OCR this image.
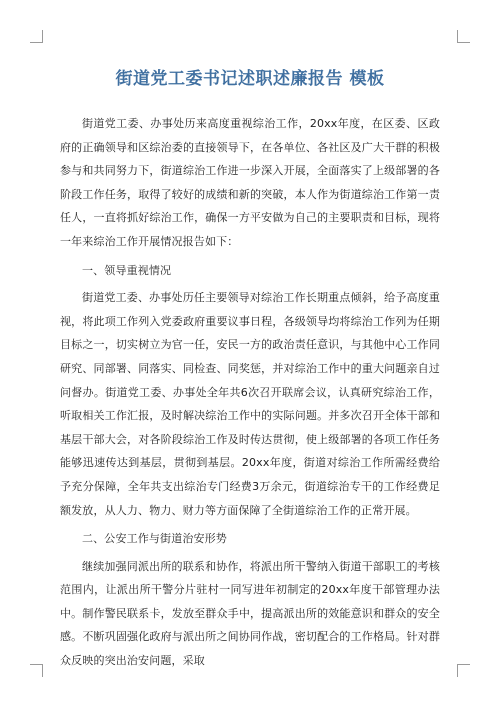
街道党工委书记述职述廉报告 模板

街道党工委、办事处历来高度重视综治工作，20xx年度，在区委、区政府的正确领导和区综治委的直接领导下，在各单位、各社区及广大干群的积极参与和共同努力下，街道综治工作进一步深入开展，全面落实了上级部署的各阶段工作任务，取得了较好的成绩和新的突破，本人作为街道综治工作第一责任人，一直将抓好综治工作，确保一方平安做为自己的主要职责和目标，现将一年来综治工作开展情况报告如下：

一、领导重视情况

街道党工委、办事处历任主要领导对综治工作长期重点倾斜，给予高度重视，将此项工作列入党委政府重要议事日程，各级领导均将综治工作列为任期目标之一，切实树立为官一任，安民一方的政治责任意识，与其他中心工作同研究、同部署、同落实、同检查、同奖惩，并对综治工作中的重大问题亲自过问督办。街道党工委、办事处全年共6次召开联席会议，认真研究综治工作，听取相关工作汇报，及时解决综治工作中的实际问题。并多次召开全体干部和基层干部大会，对各阶段综治工作及时传达贯彻，使上级部署的各项工作任务能够迅速传达到基层，贯彻到基层。20xx年度，街道对综治工作所需经费给予充分保障，全年共支出综治专门经费3万余元，街道综治专干的工作经费足额发放，从人力、物力、财力等方面保障了全街道综治工作的正常开展。

二、公安工作与街道治安形势

继续加强同派出所的联系和协作，将派出所干警纳入街道干部职工的考核范围内，让派出所干警分片驻村一同写进年初制定的20xx年度干部管理办法中。制作警民联系卡，发放至群众手中，提高派出所的效能意识和群众的安全感。不断巩固强化政府与派出所之间协同作战，密切配合的工作格局。针对群众反映的突出治安问题，采取
